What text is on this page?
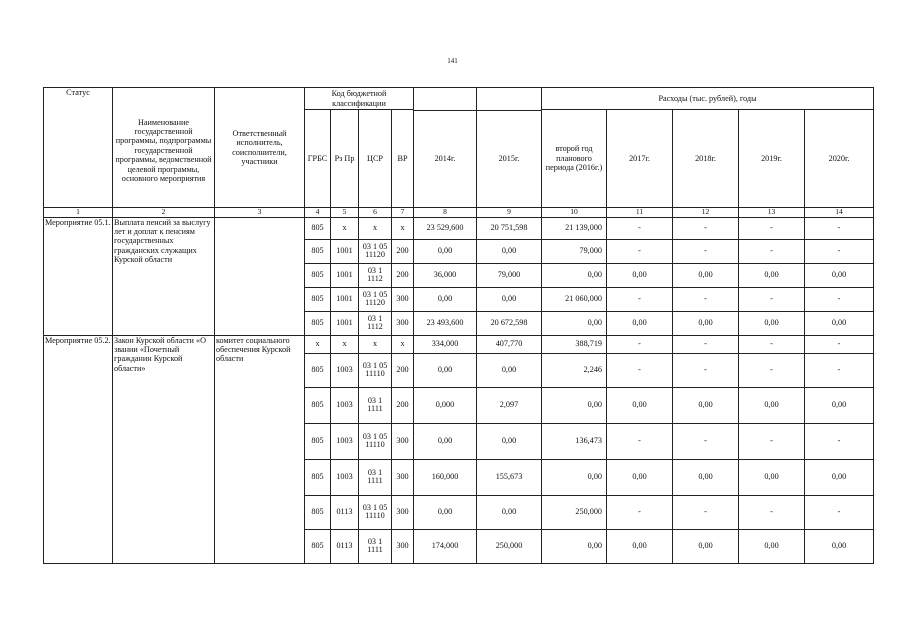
141
Статус	Наименование государственной программы, подпрограммы государственной программы, ведомственной целевой программы, основного мероприятия	Ответственный исполнитель, соисполнители, участники	Код бюджетной классификации						Расходы (тыс. рублей), годы				
			ГРБС	Рз Пр	ЦСР	ВР			второй год планового периода (2016г.)	2017г.	2018г.	2019г.	2020г.
							2014г.	2015г.					
1	2	3	4	5	6	7	8	9	10	11	12	13	14
Мероприятие 05.1.	Выплата пенсий за выслугу лет и доплат к пенсиям государственных гражданских служащих Курской области		805	х	х	х	23 529,600	20 751,598	21 139,000	-	-	-	-
			805	1001	03 1 05 11120	200	0,00	0,00	79,000	-	-	-	-
			805	1001	03 1 1112	200	36,000	79,000	0,00	0,00	0,00	0,00	0,00
			805	1001	03 1 05 11120	300	0,00	0,00	21 060,000	-	-	-	-
			805	1001	03 1 1112	300	23 493,600	20 672,598	0,00	0,00	0,00	0,00	0,00
Мероприятие 05.2.	Закон Курской области «О звании «Почетный гражданин Курской области»	комитет социального обеспечения Курской области	х	х	х	х	334,000	407,770	388,719	-	-	-	-
			805	1003	03 1 05 11110	200	0,00	0,00	2,246	-	-	-	-
			805	1003	03 1 1111	200	0,000	2,097	0,00	0,00	0,00	0,00	0,00
			805	1003	03 1 05 11110	300	0,00	0,00	136,473	-	-	-	-
			805	1003	03 1 1111	300	160,000	155,673	0,00	0,00	0,00	0,00	0,00
			805	0113	03 1 05 11110	300	0,00	0,00	250,000	-	-	-	-
			805	0113	03 1 1111	300	174,000	250,000	0,00	0,00	0,00	0,00	0,00
